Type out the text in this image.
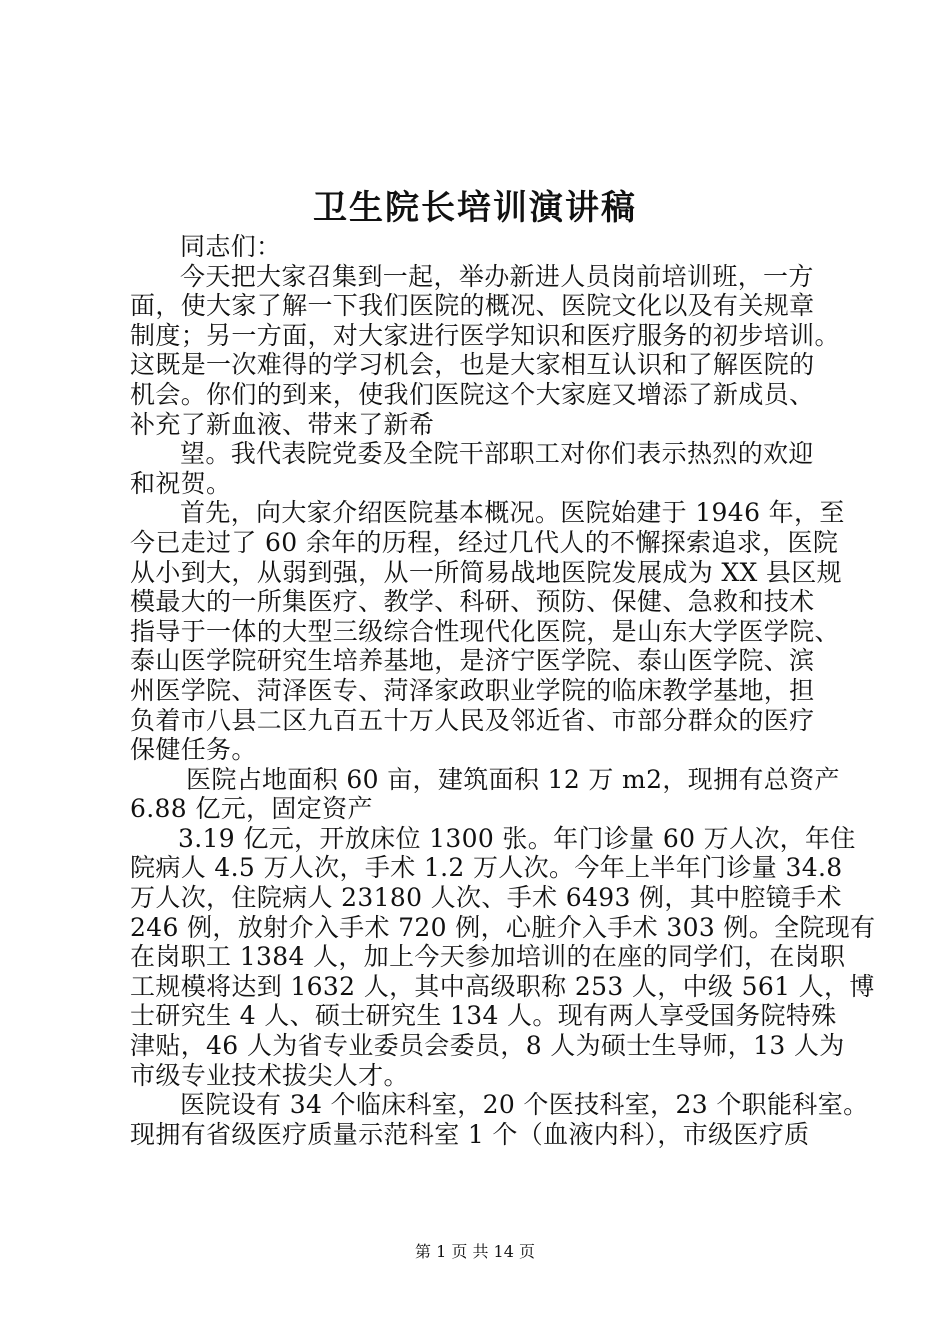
卫生院长培训演讲稿
同志们：
今天把大家召集到一起，举办新进人员岗前培训班，一方
面，使大家了解一下我们医院的概况、医院文化以及有关规章
制度；另一方面，对大家进行医学知识和医疗服务的初步培训。
这既是一次难得的学习机会，也是大家相互认识和了解医院的
机会。你们的到来，使我们医院这个大家庭又增添了新成员、
补充了新血液、带来了新希
望。我代表院党委及全院干部职工对你们表示热烈的欢迎
和祝贺。
首先，向大家介绍医院基本概况。医院始建于 1946 年，至
今已走过了 60 余年的历程，经过几代人的不懈探索追求，医院
从小到大，从弱到强，从一所简易战地医院发展成为 XX 县区规
模最大的一所集医疗、教学、科研、预防、保健、急救和技术
指导于一体的大型三级综合性现代化医院，是山东大学医学院、
泰山医学院研究生培养基地，是济宁医学院、泰山医学院、滨
州医学院、菏泽医专、菏泽家政职业学院的临床教学基地，担
负着市八县二区九百五十万人民及邻近省、市部分群众的医疗
保健任务。
医院占地面积 60 亩，建筑面积 12 万 m2，现拥有总资产
6.88 亿元，固定资产
3.19 亿元，开放床位 1300 张。年门诊量 60 万人次，年住
院病人 4.5 万人次，手术 1.2 万人次。今年上半年门诊量 34.8
万人次，住院病人 23180 人次、手术 6493 例，其中腔镜手术
246 例，放射介入手术 720 例，心脏介入手术 303 例。全院现有
在岗职工 1384 人，加上今天参加培训的在座的同学们，在岗职
工规模将达到 1632 人，其中高级职称 253 人，中级 561 人，博
士研究生 4 人、硕士研究生 134 人。现有两人享受国务院特殊
津贴，46 人为省专业委员会委员，8 人为硕士生导师，13 人为
市级专业技术拔尖人才。
医院设有 34 个临床科室，20 个医技科室，23 个职能科室。
现拥有省级医疗质量示范科室 1 个（血液内科），市级医疗质
第 1 页 共 14 页
